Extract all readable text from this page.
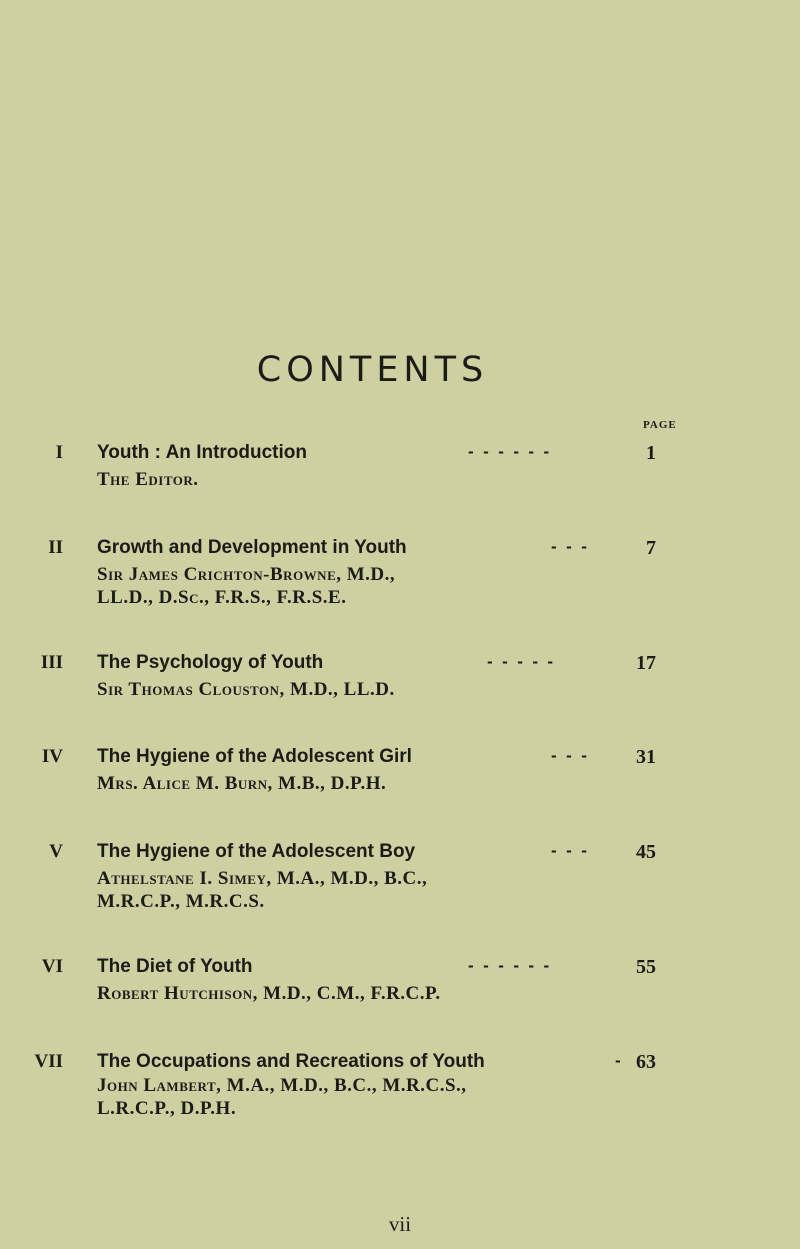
CONTENTS
PAGE
I Youth : An Introduction	-  -  -  -  -  -	1
The Editor.
II Growth and Development in Youth	-  -  -	7
Sir James Crichton-Browne, M.D.,
LL.D., D.Sc., F.R.S., F.R.S.E.
III The Psychology of Youth	-  -  -  -  -	17
Sir Thomas Clouston, M.D., LL.D.
IV The Hygiene of the Adolescent Girl	-  -  - 31
Mrs. Alice M. Burn, M.B., D.P.H.
V The Hygiene of the Adolescent Boy	-  -  - 45
Athelstane I. Simey, M.A., M.D., B.C.,
M.R.C.P., M.R.C.S.
VI The Diet of Youth	-  -  -  -  -  -	55
Robert Hutchison, M.D., C.M., F.R.C.P.
VII The Occupations and Recreations of Youth	- 63
John Lambert, M.A., M.D., B.C., M.R.C.S.,
L.R.C.P., D.P.H.
vii
